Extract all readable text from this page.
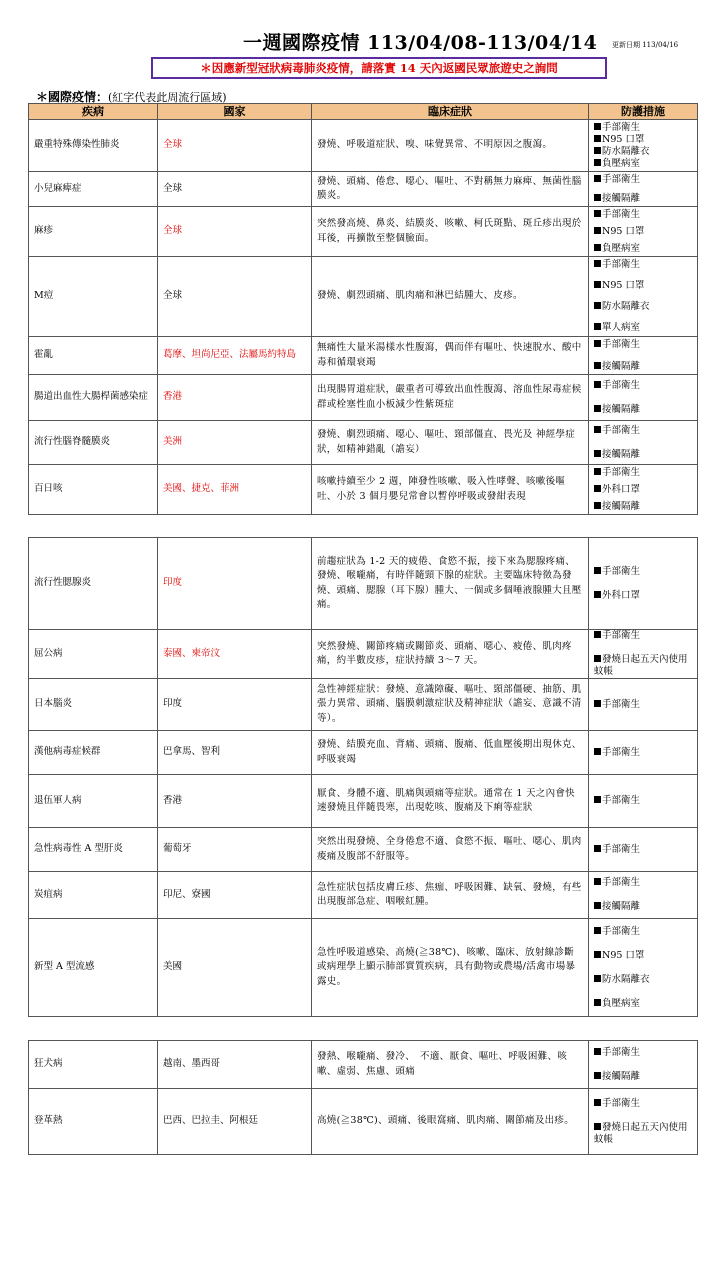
一週國際疫情 113/04/08-113/04/14 更新日期 113/04/16
＊因應新型冠狀病毒肺炎疫情，請落實 14 天內返國民眾旅遊史之詢問
＊國際疫情：(紅字代表此周流行區域)
疾病	國家	臨床症狀	防護措施
嚴重特殊傳染性肺炎	全球	發燒、呼吸道症狀、嗅、味覺異常、不明原因之腹瀉。	手部衛生
N95 口罩
防水隔離衣
負壓病室

小兒麻痺症	全球	發燒、頭痛、倦怠、噁心、嘔吐、不對稱無力麻痺、無菌性腦膜炎。	手部衛生
接觸隔離

麻疹	全球	突然發高燒、鼻炎、結膜炎、咳嗽、柯氏斑點、斑丘疹出現於耳後，再擴散至整個臉面。	手部衛生
N95 口罩
負壓病室

M痘	全球	發燒、劇烈頭痛、肌肉痛和淋巴結腫大、皮疹。	手部衛生
N95 口罩
防水隔離衣
單人病室

霍亂	葛摩、坦尚尼亞、法屬馬約特島	無痛性大量米湯樣水性腹瀉，偶而伴有嘔吐、快速脫水、酸中毒和循環衰竭	手部衛生
接觸隔離

腸道出血性大腸桿菌感染症	香港	出現腸胃道症狀，嚴重者可導致出血性腹瀉、溶血性尿毒症候 群或栓塞性血小板減少性紫斑症	手部衛生
接觸隔離

流行性腦脊髓膜炎	美洲	發燒、劇烈頭痛、噁心、嘔吐、頸部僵直、畏光及 神經學症狀，如精神錯亂（譫妄）	手部衛生
接觸隔離

百日咳	美國、捷克、菲洲	咳嗽持續至少 2 週，陣發性咳嗽、吸入性哮聲、咳嗽後嘔吐、小於 3 個月嬰兒常會以暫停呼吸或發紺表現	手部衛生
外科口罩
接觸隔離
流行性腮腺炎	印度	前趨症狀為 1-2 天的疲倦、食慾不振，接下來為腮腺疼痛、發燒、喉嚨痛，有時伴隨頸下腺的症狀。主要臨床特徵為發燒、頭痛、腮腺（耳下腺）腫大、一個或多個唾液腺腫大且壓痛。	手部衛生
外科口罩

屈公病	泰國、柬帝汶	突然發燒、關節疼痛或關節炎、頭痛、噁心、疲倦、肌肉疼痛，約半數皮疹，症狀持續 3～7 天。	手部衛生
發燒日起五天內使用蚊帳

日本腦炎	印度	急性神經症狀：發燒、意識障礙、嘔吐、頸部僵硬、抽筋、肌張力異常、頭痛、腦膜刺激症狀及精神症狀（譫妄、意識不清等）。	手部衛生

漢他病毒症候群	巴拿馬、智利	發燒、結膜充血、背痛、頭痛、腹痛、低血壓後期出現休克、呼吸衰竭	手部衛生

退伍軍人病	香港	厭食、身體不適、肌痛與頭痛等症狀。通常在 1 天之內會快速發燒且伴隨畏寒，出現乾咳、腹痛及下痢等症狀	手部衛生

急性病毒性 A 型肝炎	葡萄牙	突然出現發燒、全身倦怠不適、食慾不振、嘔吐、噁心、肌肉痠痛及腹部不舒服等。	手部衛生

炭疽病	印尼、寮國	急性症狀包括皮膚丘疹、焦痂、呼吸困難、缺氧、發燒，有些出現腹部急症、咽喉紅腫。	手部衛生
接觸隔離

新型 A 型流感	美國	急性呼吸道感染、高燒(≧38℃)、咳嗽、臨床、放射線診斷或病理學上顯示肺部實質疾病，具有動物或農場/活禽市場暴露史。	手部衛生
N95 口罩
防水隔離衣
負壓病室
狂犬病	越南、墨西哥	發熱、喉嚨痛、發冷、　不適、厭食、嘔吐、呼吸困難、咳嗽、虛弱、焦慮、頭痛	手部衛生
接觸隔離

登革熱	巴西、巴拉圭、阿根廷	高燒(≧38℃)、頭痛、後眼窩痛、肌肉痛、關節痛及出疹。	手部衛生
發燒日起五天內使用蚊帳
